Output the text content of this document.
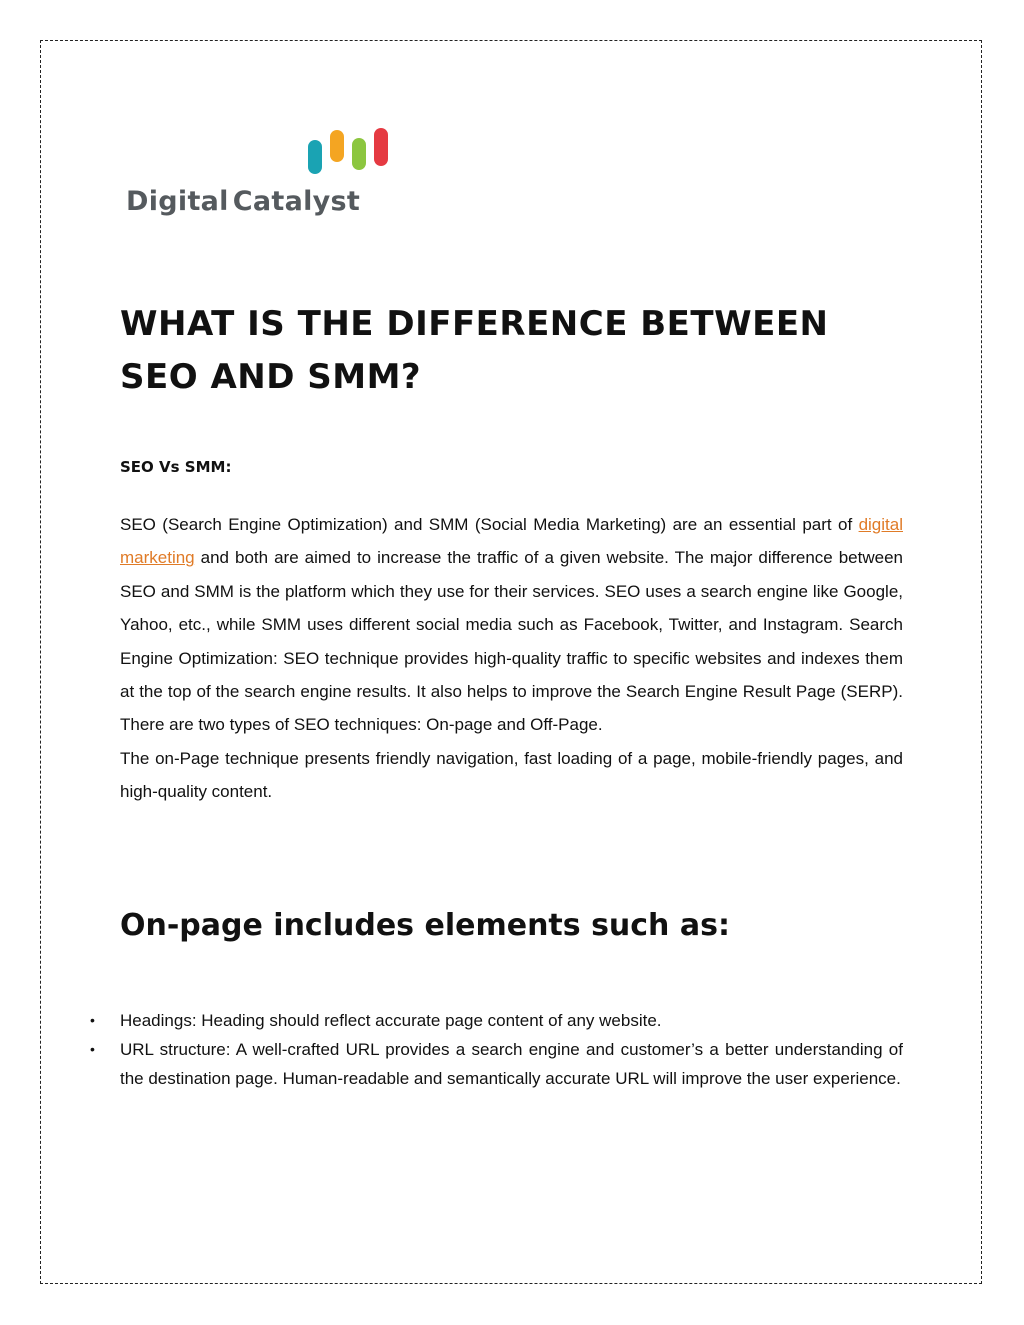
Digital Catalyst
WHAT IS THE DIFFERENCE BETWEEN SEO AND SMM?

SEO Vs SMM:

SEO (Search Engine Optimization) and SMM (Social Media Marketing) are an essential part of digital marketing and both are aimed to increase the traffic of a given website. The major difference between SEO and SMM is the platform which they use for their services. SEO uses a search engine like Google, Yahoo, etc., while SMM uses different social media such as Facebook, Twitter, and Instagram. Search Engine Optimization: SEO technique provides high-quality traffic to specific websites and indexes them at the top of the search engine results. It also helps to improve the Search Engine Result Page (SERP). There are two types of SEO techniques: On-page and Off-Page.
The on-Page technique presents friendly navigation, fast loading of a page, mobile-friendly pages, and high-quality content.
On-page includes elements such as:
• Headings: Heading should reflect accurate page content of any website.
• URL structure: A well-crafted URL provides a search engine and customer’s a better understanding of the destination page. Human-readable and semantically accurate URL will improve the user experience.
